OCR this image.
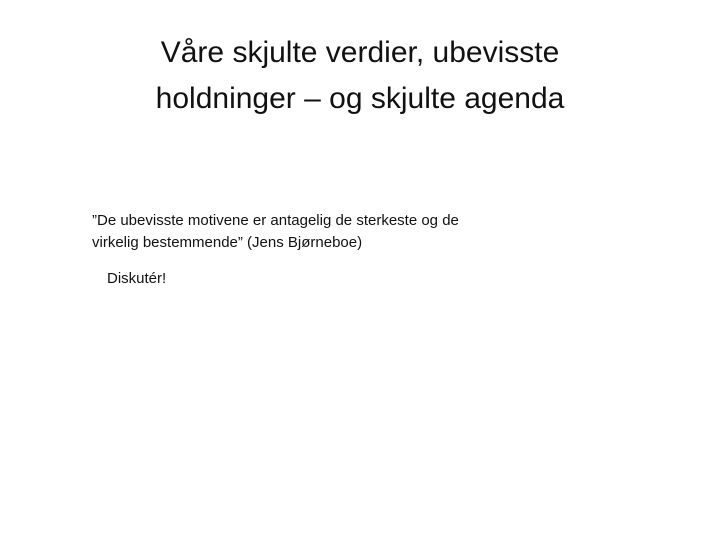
Våre skjulte verdier, ubevisste
holdninger – og skjulte agenda

”De ubevisste motivene er antagelig de sterkeste og de
virkelig bestemmende” (Jens Bjørneboe)

Diskutér!
